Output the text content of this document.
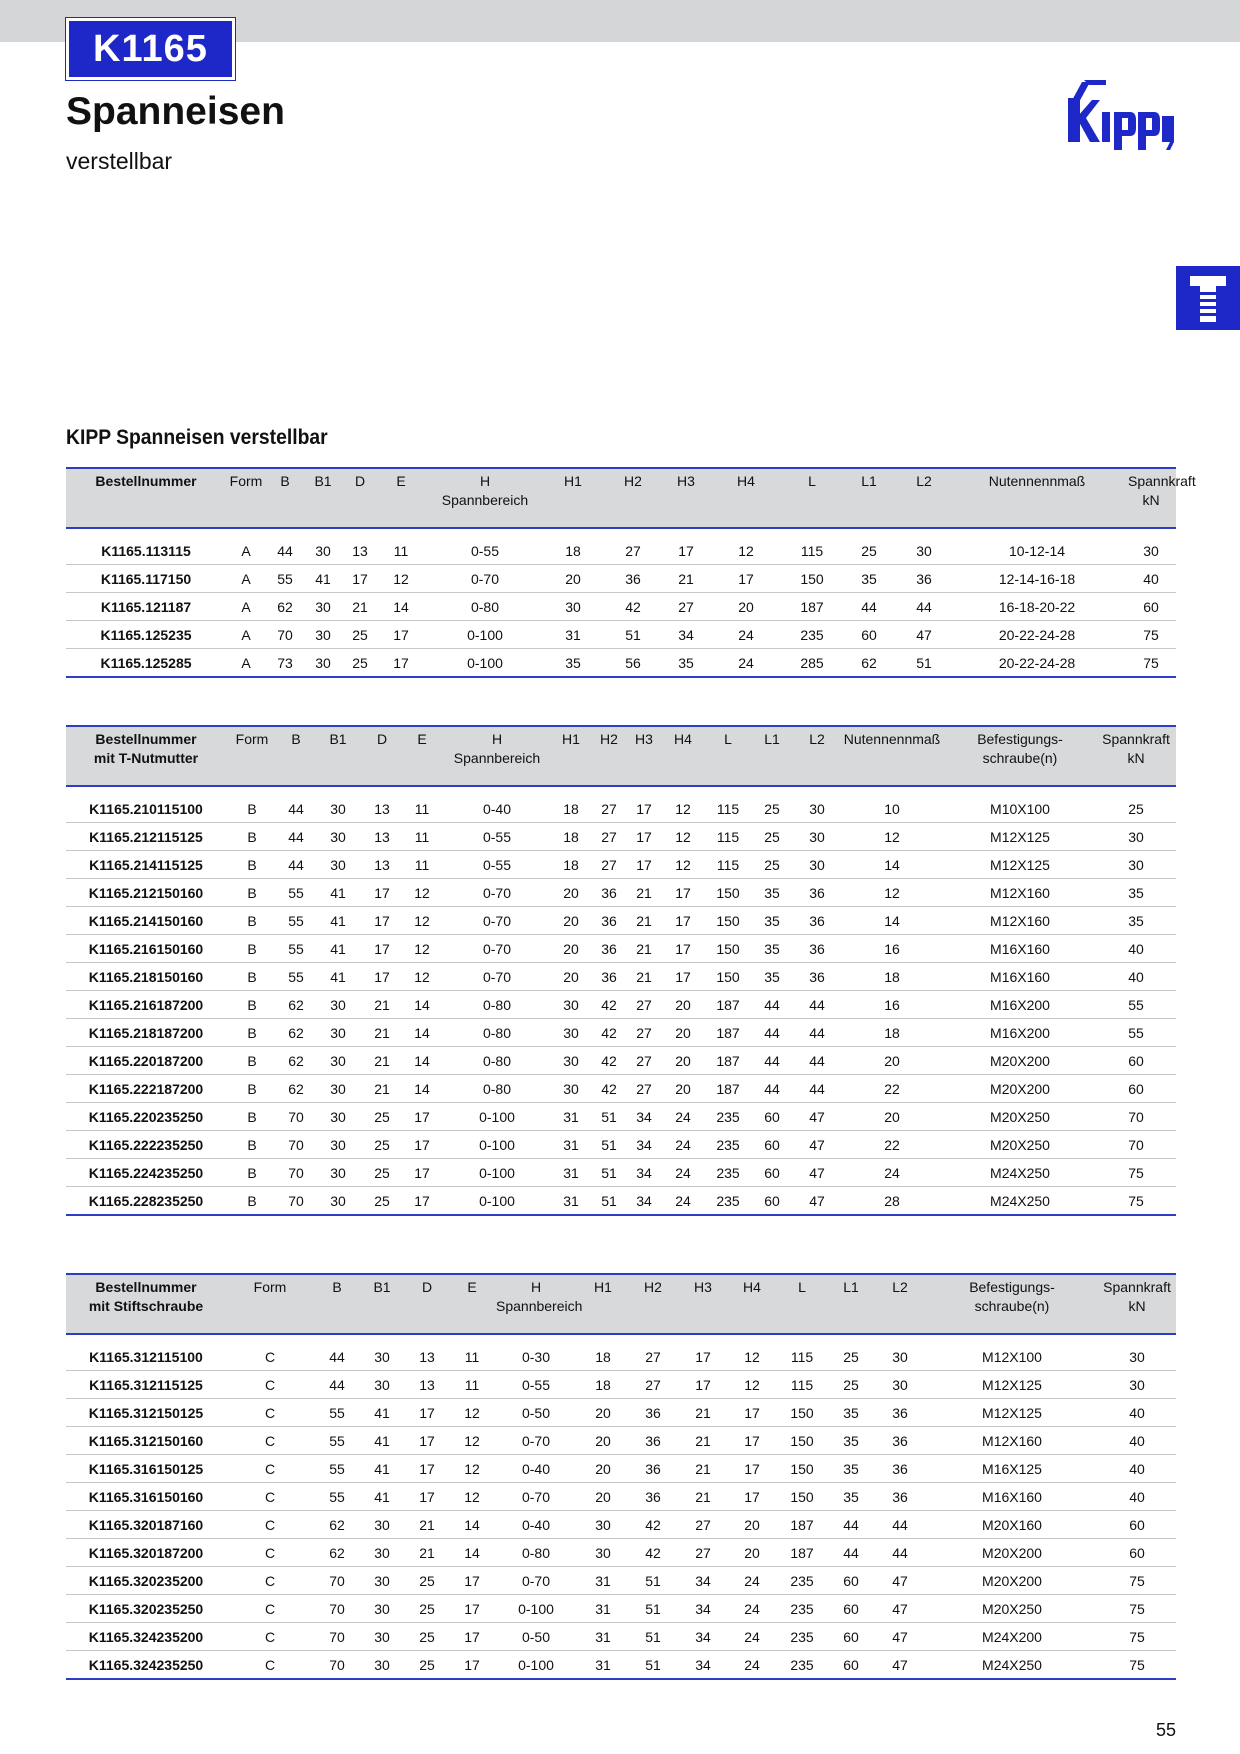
K1165
Spanneisen
verstellbar
KIPP Spanneisen verstellbar
Bestellnummer	Form	B	B1	D	E	H
Spannbereich	H1	H2	H3	H4	L	L1	L2	Nutennennmaß	Spannkraft
kN
K1165.113115	A	44	30	13	11	0-55	18	27	17	12	115	25	30	10-12-14	30
K1165.117150	A	55	41	17	12	0-70	20	36	21	17	150	35	36	12-14-16-18	40
K1165.121187	A	62	30	21	14	0-80	30	42	27	20	187	44	44	16-18-20-22	60
K1165.125235	A	70	30	25	17	0-100	31	51	34	24	235	60	47	20-22-24-28	75
K1165.125285	A	73	30	25	17	0-100	35	56	35	24	285	62	51	20-22-24-28	75
Bestellnummer
mit T-Nutmutter	Form	B	B1	D	E	H
Spannbereich	H1	H2	H3	H4	L	L1	L2	Nutennennmaß	Befestigungs-
schraube(n)	Spannkraft
kN
K1165.210115100	B	44	30	13	11	0-40	18	27	17	12	115	25	30	10	M10X100	25
K1165.212115125	B	44	30	13	11	0-55	18	27	17	12	115	25	30	12	M12X125	30
K1165.214115125	B	44	30	13	11	0-55	18	27	17	12	115	25	30	14	M12X125	30
K1165.212150160	B	55	41	17	12	0-70	20	36	21	17	150	35	36	12	M12X160	35
K1165.214150160	B	55	41	17	12	0-70	20	36	21	17	150	35	36	14	M12X160	35
K1165.216150160	B	55	41	17	12	0-70	20	36	21	17	150	35	36	16	M16X160	40
K1165.218150160	B	55	41	17	12	0-70	20	36	21	17	150	35	36	18	M16X160	40
K1165.216187200	B	62	30	21	14	0-80	30	42	27	20	187	44	44	16	M16X200	55
K1165.218187200	B	62	30	21	14	0-80	30	42	27	20	187	44	44	18	M16X200	55
K1165.220187200	B	62	30	21	14	0-80	30	42	27	20	187	44	44	20	M20X200	60
K1165.222187200	B	62	30	21	14	0-80	30	42	27	20	187	44	44	22	M20X200	60
K1165.220235250	B	70	30	25	17	0-100	31	51	34	24	235	60	47	20	M20X250	70
K1165.222235250	B	70	30	25	17	0-100	31	51	34	24	235	60	47	22	M20X250	70
K1165.224235250	B	70	30	25	17	0-100	31	51	34	24	235	60	47	24	M24X250	75
K1165.228235250	B	70	30	25	17	0-100	31	51	34	24	235	60	47	28	M24X250	75
Bestellnummer
mit Stiftschraube	Form	B	B1	D	E	H
Spannbereich	H1	H2	H3	H4	L	L1	L2	Befestigungs-
schraube(n)	Spannkraft
kN
K1165.312115100	C	44	30	13	11	0-30	18	27	17	12	115	25	30	M12X100	30
K1165.312115125	C	44	30	13	11	0-55	18	27	17	12	115	25	30	M12X125	30
K1165.312150125	C	55	41	17	12	0-50	20	36	21	17	150	35	36	M12X125	40
K1165.312150160	C	55	41	17	12	0-70	20	36	21	17	150	35	36	M12X160	40
K1165.316150125	C	55	41	17	12	0-40	20	36	21	17	150	35	36	M16X125	40
K1165.316150160	C	55	41	17	12	0-70	20	36	21	17	150	35	36	M16X160	40
K1165.320187160	C	62	30	21	14	0-40	30	42	27	20	187	44	44	M20X160	60
K1165.320187200	C	62	30	21	14	0-80	30	42	27	20	187	44	44	M20X200	60
K1165.320235200	C	70	30	25	17	0-70	31	51	34	24	235	60	47	M20X200	75
K1165.320235250	C	70	30	25	17	0-100	31	51	34	24	235	60	47	M20X250	75
K1165.324235200	C	70	30	25	17	0-50	31	51	34	24	235	60	47	M24X200	75
K1165.324235250	C	70	30	25	17	0-100	31	51	34	24	235	60	47	M24X250	75
55
